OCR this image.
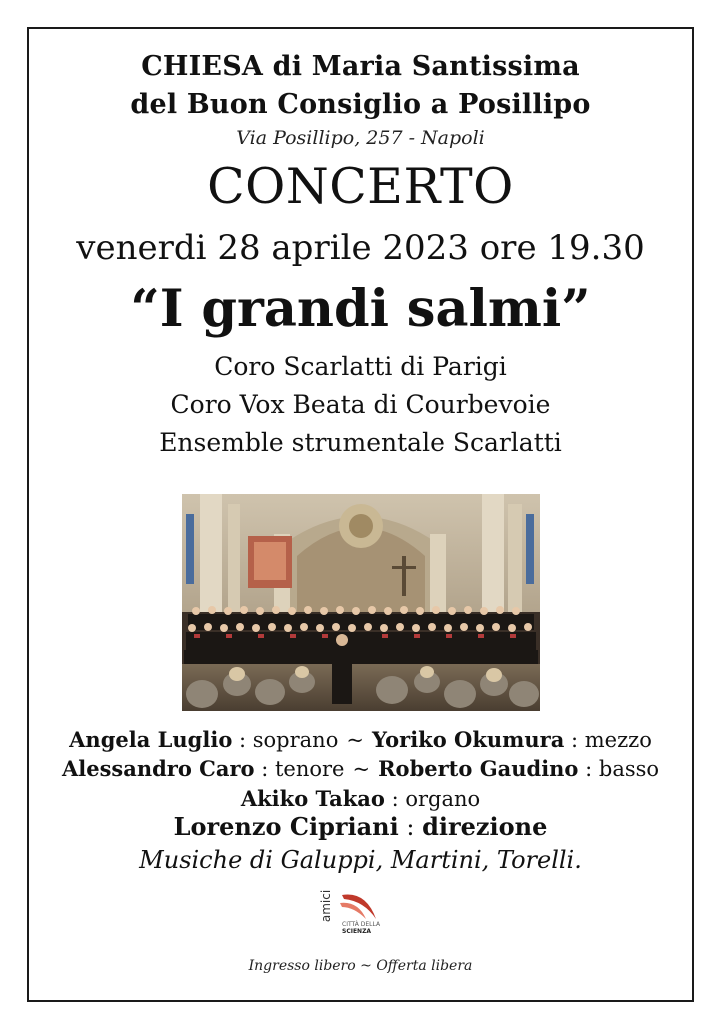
CHIESA di Maria Santissima
del Buon Consiglio a Posillipo
Via Posillipo, 257 - Napoli
CONCERTO
venerdi 28 aprile 2023 ore 19.30
“I grandi salmi”
Coro Scarlatti di Parigi
Coro Vox Beata di Courbevoie
Ensemble strumentale Scarlatti
Angela Luglio : soprano ~ Yoriko Okumura : mezzo
Alessandro Caro : tenore ~ Roberto Gaudino : basso
Akiko Takao : organo
Lorenzo Cipriani : direzione
Musiche di Galuppi, Martini, Torelli.
amici
CITTÀ DELLA
SCIENZA
Ingresso libero ~ Offerta libera
